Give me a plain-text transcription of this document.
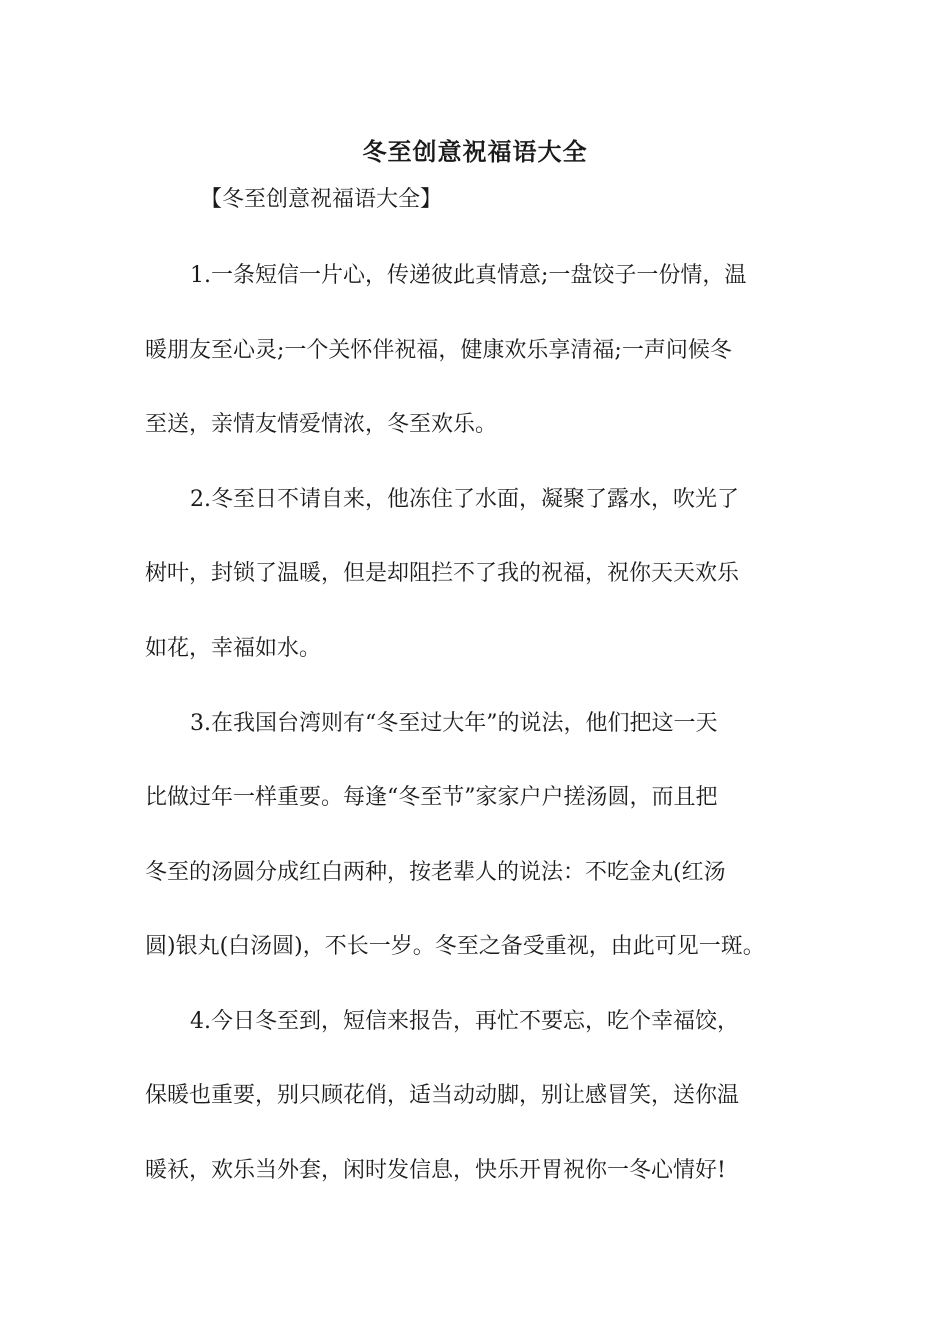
冬至创意祝福语大全
【冬至创意祝福语大全】
1.一条短信一片心，传递彼此真情意;一盘饺子一份情，温
暖朋友至心灵;一个关怀伴祝福，健康欢乐享清福;一声问候冬
至送，亲情友情爱情浓，冬至欢乐。
2.冬至日不请自来，他冻住了水面，凝聚了露水，吹光了
树叶，封锁了温暖，但是却阻拦不了我的祝福，祝你天天欢乐
如花，幸福如水。
3.在我国台湾则有“冬至过大年”的说法，他们把这一天
比做过年一样重要。每逢“冬至节”家家户户搓汤圆，而且把
冬至的汤圆分成红白两种，按老辈人的说法：不吃金丸(红汤
圆)银丸(白汤圆)，不长一岁。冬至之备受重视，由此可见一斑。
4.今日冬至到，短信来报告，再忙不要忘，吃个幸福饺，
保暖也重要，别只顾花俏，适当动动脚，别让感冒笑，送你温
暖袄，欢乐当外套，闲时发信息，快乐开胃祝你一冬心情好!
